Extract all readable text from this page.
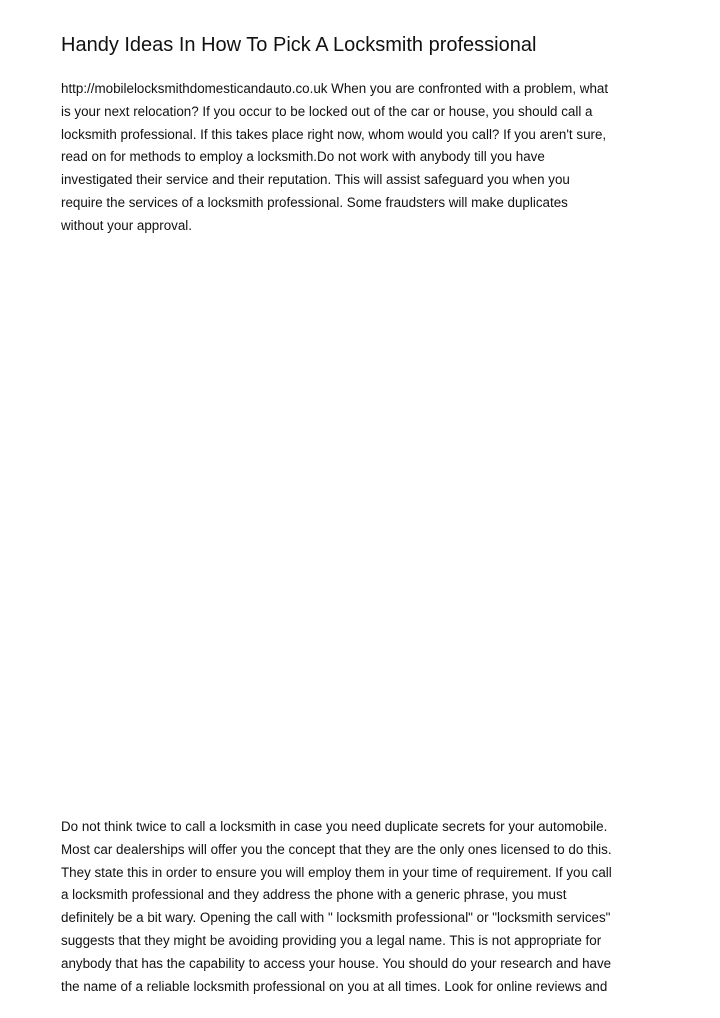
Handy Ideas In How To Pick A Locksmith professional
http://mobilelocksmithdomesticandauto.co.uk When you are confronted with a problem, what
is your next relocation? If you occur to be locked out of the car or house, you should call a
locksmith professional. If this takes place right now, whom would you call? If you aren't sure,
read on for methods to employ a locksmith.Do not work with anybody till you have
investigated their service and their reputation. This will assist safeguard you when you
require the services of a locksmith professional. Some fraudsters will make duplicates
without your approval.
Do not think twice to call a locksmith in case you need duplicate secrets for your automobile.
Most car dealerships will offer you the concept that they are the only ones licensed to do this.
They state this in order to ensure you will employ them in your time of requirement. If you call
a locksmith professional and they address the phone with a generic phrase, you must
definitely be a bit wary. Opening the call with " locksmith professional" or "locksmith services"
suggests that they might be avoiding providing you a legal name. This is not appropriate for
anybody that has the capability to access your house. You should do your research and have
the name of a reliable locksmith professional on you at all times. Look for online reviews and
